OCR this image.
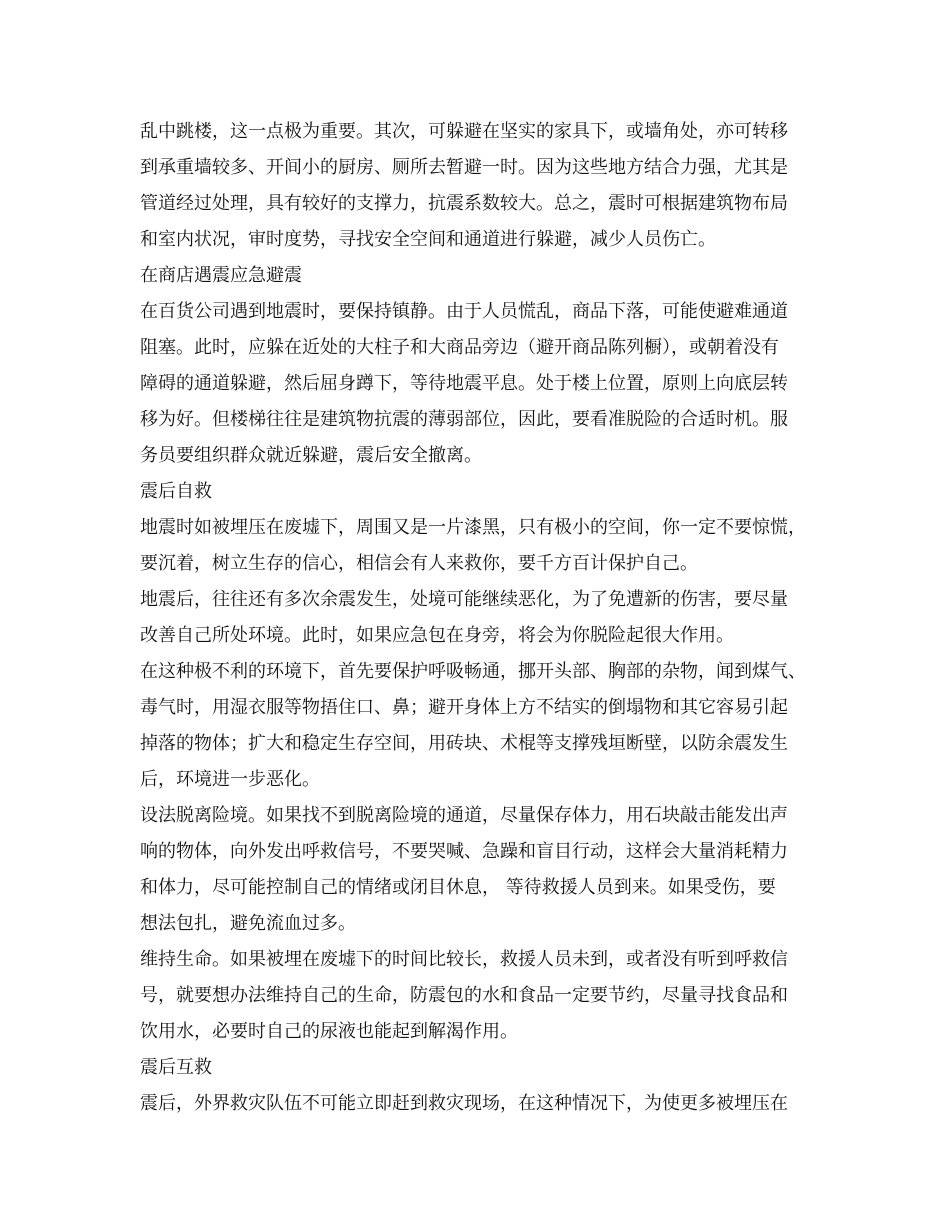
乱中跳楼，这一点极为重要。其次，可躲避在坚实的家具下，或墙角处，亦可转移
到承重墙较多、开间小的厨房、厕所去暂避一时。因为这些地方结合力强，尤其是
管道经过处理，具有较好的支撑力，抗震系数较大。总之，震时可根据建筑物布局
和室内状况，审时度势，寻找安全空间和通道进行躲避，减少人员伤亡。
在商店遇震应急避震
在百货公司遇到地震时，要保持镇静。由于人员慌乱，商品下落，可能使避难通道
阻塞。此时，应躲在近处的大柱子和大商品旁边（避开商品陈列橱），或朝着没有
障碍的通道躲避，然后屈身蹲下，等待地震平息。处于楼上位置，原则上向底层转
移为好。但楼梯往往是建筑物抗震的薄弱部位，因此，要看准脱险的合适时机。服
务员要组织群众就近躲避，震后安全撤离。
震后自救
地震时如被埋压在废墟下，周围又是一片漆黑，只有极小的空间，你一定不要惊慌，
要沉着，树立生存的信心，相信会有人来救你，要千方百计保护自己。
地震后，往往还有多次余震发生，处境可能继续恶化，为了免遭新的伤害，要尽量
改善自己所处环境。此时，如果应急包在身旁，将会为你脱险起很大作用。
在这种极不利的环境下，首先要保护呼吸畅通，挪开头部、胸部的杂物，闻到煤气、
毒气时，用湿衣服等物捂住口、鼻；避开身体上方不结实的倒塌物和其它容易引起
掉落的物体；扩大和稳定生存空间，用砖块、术棍等支撑残垣断壁，以防余震发生
后，环境进一步恶化。
设法脱离险境。如果找不到脱离险境的通道，尽量保存体力，用石块敲击能发出声
响的物体，向外发出呼救信号，不要哭喊、急躁和盲目行动，这样会大量消耗精力
和体力，尽可能控制自己的情绪或闭目休息， 等待救援人员到来。如果受伤，要
想法包扎，避免流血过多。
维持生命。如果被埋在废墟下的时间比较长，救援人员未到，或者没有听到呼救信
号，就要想办法维持自己的生命，防震包的水和食品一定要节约，尽量寻找食品和
饮用水，必要时自己的尿液也能起到解渴作用。
震后互救
震后，外界救灾队伍不可能立即赶到救灾现场，在这种情况下，为使更多被埋压在
